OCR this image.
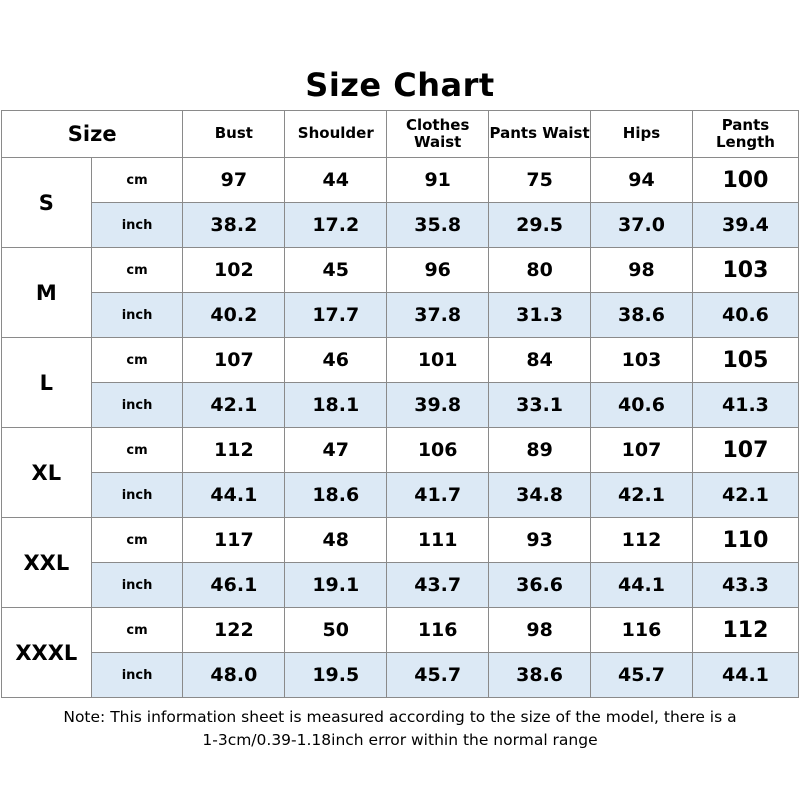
Size Chart
Size		Bust	Shoulder	Clothes Waist	Pants Waist	Hips	Pants Length
S	cm	97	44	91	75	94	100
	inch	38.2	17.2	35.8	29.5	37.0	39.4
M	cm	102	45	96	80	98	103
	inch	40.2	17.7	37.8	31.3	38.6	40.6
L	cm	107	46	101	84	103	105
	inch	42.1	18.1	39.8	33.1	40.6	41.3
XL	cm	112	47	106	89	107	107
	inch	44.1	18.6	41.7	34.8	42.1	42.1
XXL	cm	117	48	111	93	112	110
	inch	46.1	19.1	43.7	36.6	44.1	43.3
XXXL	cm	122	50	116	98	116	112
	inch	48.0	19.5	45.7	38.6	45.7	44.1
Note: This information sheet is measured according to the size of the model, there is a 1-3cm/0.39-1.18inch error within the normal range
